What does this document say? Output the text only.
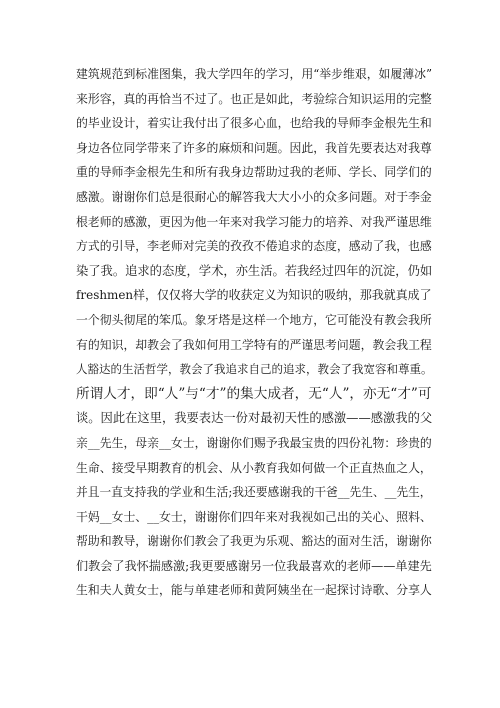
建筑规范到标准图集，我大学四年的学习，用“举步维艰，如履薄冰”
来形容，真的再恰当不过了。也正是如此，考验综合知识运用的完整
的毕业设计，着实让我付出了很多心血，也给我的导师李金根先生和
身边各位同学带来了许多的麻烦和问题。因此，我首先要表达对我尊
重的导师李金根先生和所有我身边帮助过我的老师、学长、同学们的
感激。谢谢你们总是很耐心的解答我大大小小的众多问题。对于李金
根老师的感激，更因为他一年来对我学习能力的培养、对我严谨思维
方式的引导，李老师对完美的孜孜不倦追求的态度，感动了我，也感
染了我。追求的态度，学术，亦生活。若我经过四年的沉淀，仍如
freshmen样，仅仅将大学的收获定义为知识的吸纳，那我就真成了
一个彻头彻尾的笨瓜。象牙塔是这样一个地方，它可能没有教会我所
有的知识，却教会了我如何用工学特有的严谨思考问题，教会我工程
人豁达的生活哲学，教会了我追求自己的追求，教会了我宽容和尊重。
所谓人才，即“人”与“才”的集大成者，无“人”，亦无“才”可
谈。因此在这里，我要表达一份对最初天性的感激——感激我的父
亲__先生，母亲__女士，谢谢你们赐予我最宝贵的四份礼物：珍贵的
生命、接受早期教育的机会、从小教育我如何做一个正直热血之人，
并且一直支持我的学业和生活;我还要感谢我的干爸__先生、__先生，
干妈__女士、__女士，谢谢你们四年来对我视如己出的关心、照料、
帮助和教导，谢谢你们教会了我更为乐观、豁达的面对生活，谢谢你
们教会了我怀揣感激;我更要感谢另一位我最喜欢的老师——单建先
生和夫人黄女士，能与单建老师和黄阿姨坐在一起探讨诗歌、分享人
